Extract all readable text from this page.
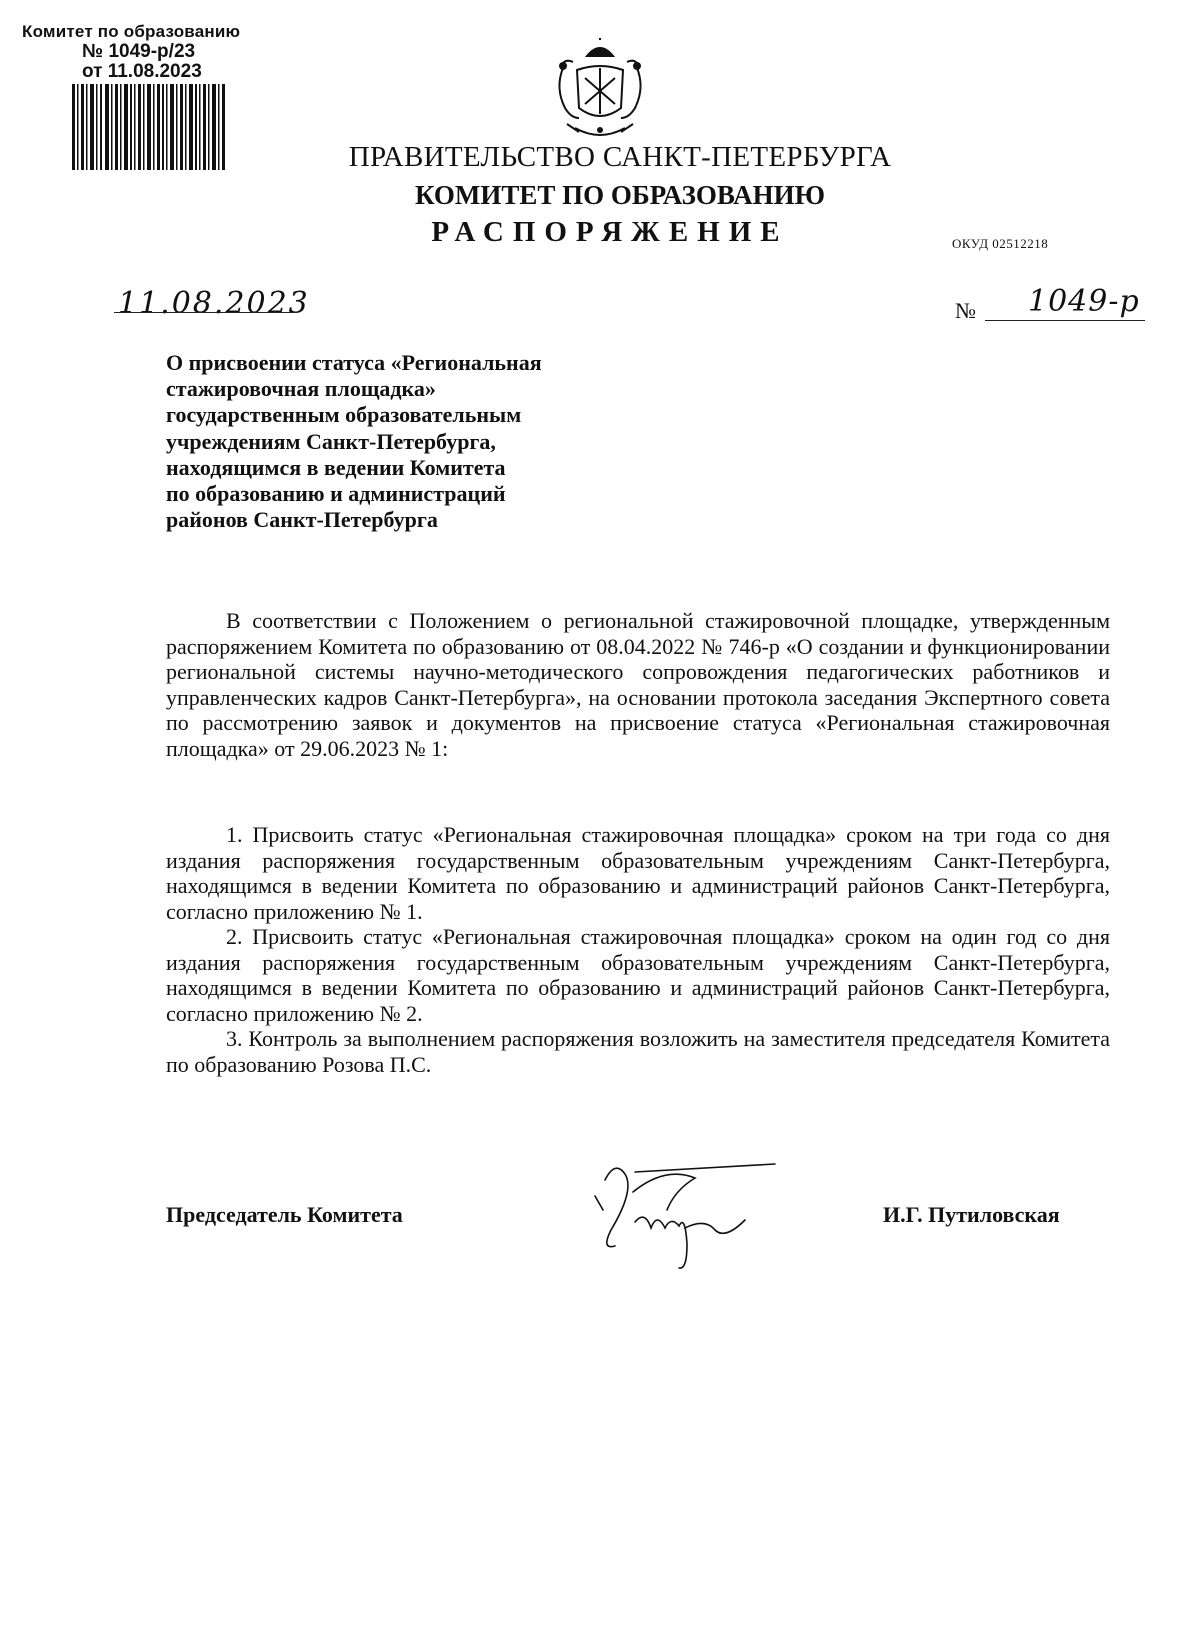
Комитет по образованию
№ 1049-р/23
от 11.08.2023
ПРАВИТЕЛЬСТВО САНКТ-ПЕТЕРБУРГА
КОМИТЕТ ПО ОБРАЗОВАНИЮ
РАСПОРЯЖЕНИЕ	ОКУД 02512218
11.08.2023	№ 1049-р
О присвоении статуса «Региональная
стажировочная площадка»
государственным образовательным
учреждениям Санкт-Петербурга,
находящимся в ведении Комитета
по образованию и администраций
районов Санкт-Петербурга

В соответствии с Положением о региональной стажировочной площадке, утвержденным распоряжением Комитета по образованию от 08.04.2022 № 746-р «О создании и функционировании региональной системы научно-методического сопровождения педагогических работников и управленческих кадров Санкт-Петербурга», на основании протокола заседания Экспертного совета по рассмотрению заявок и документов на присвоение статуса «Региональная стажировочная площадка» от 29.06.2023 № 1:

1. Присвоить статус «Региональная стажировочная площадка» сроком на три года со дня издания распоряжения государственным образовательным учреждениям Санкт-Петербурга, находящимся в ведении Комитета по образованию и администраций районов Санкт-Петербурга, согласно приложению № 1.

2. Присвоить статус «Региональная стажировочная площадка» сроком на один год со дня издания распоряжения государственным образовательным учреждениям Санкт-Петербурга, находящимся в ведении Комитета по образованию и администраций районов Санкт-Петербурга, согласно приложению № 2.

3. Контроль за выполнением распоряжения возложить на заместителя председателя Комитета по образованию Розова П.С.

Председатель Комитета	И.Г. Путиловская
